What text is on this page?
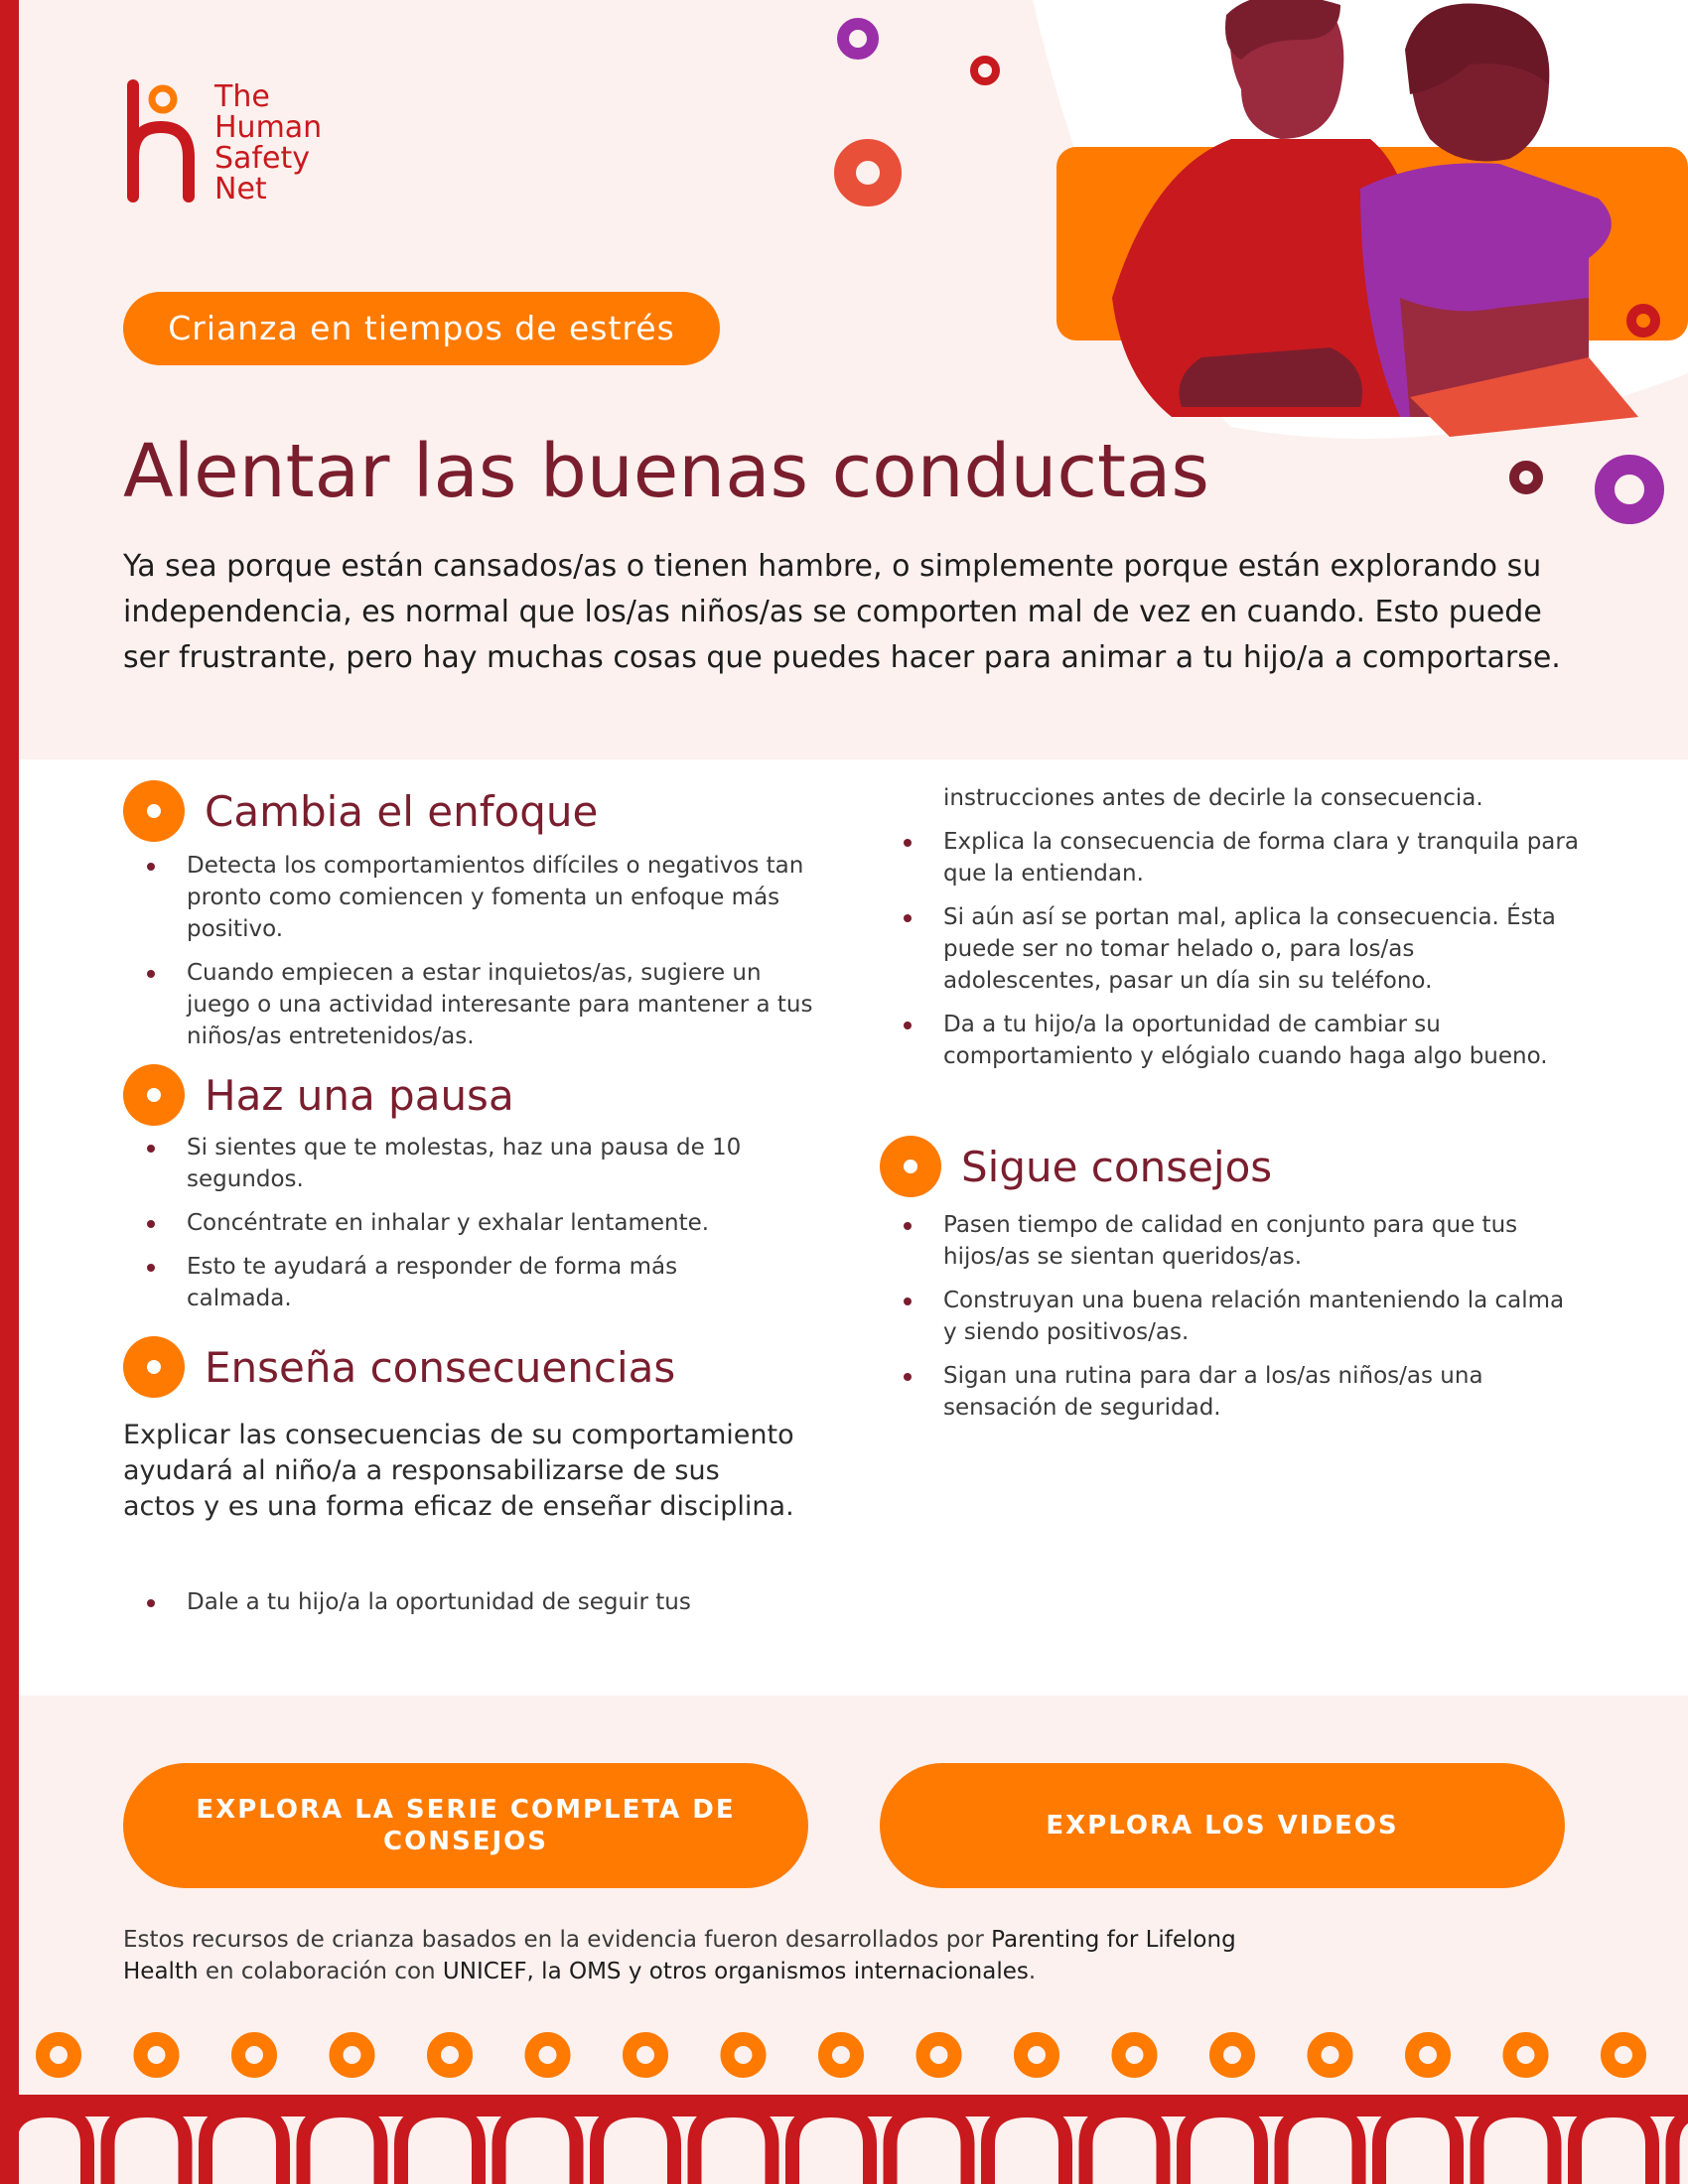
The
Human
Safety
Net
Crianza en tiempos de estrés
Alentar las buenas conductas

Ya sea porque están cansados/as o tienen hambre, o simplemente porque están explorando su independencia, es normal que los/as niños/as se comporten mal de vez en cuando. Esto puede ser frustrante, pero hay muchas cosas que puedes hacer para animar a tu hijo/a a comportarse.

Cambia el enfoque
Detecta los comportamientos difíciles o negativos tan pronto como comiencen y fomenta un enfoque más positivo.
Cuando empiecen a estar inquietos/as, sugiere un juego o una actividad interesante para mantener a tus niños/as entretenidos/as.
Haz una pausa
Si sientes que te molestas, haz una pausa de 10 segundos.
Concéntrate en inhalar y exhalar lentamente.
Esto te ayudará a responder de forma más calmada.
Enseña consecuencias

Explicar las consecuencias de su comportamiento ayudará al niño/a a responsabilizarse de sus actos y es una forma eficaz de enseñar disciplina.

Dale a tu hijo/a la oportunidad de seguir tus
instrucciones antes de decirle la consecuencia.
Explica la consecuencia de forma clara y tranquila para que la entiendan.
Si aún así se portan mal, aplica la consecuencia. Ésta puede ser no tomar helado o, para los/as adolescentes, pasar un día sin su teléfono.
Da a tu hijo/a la oportunidad de cambiar su comportamiento y elógialo cuando haga algo bueno.
Sigue consejos
Pasen tiempo de calidad en conjunto para que tus hijos/as se sientan queridos/as.
Construyan una buena relación manteniendo la calma y siendo positivos/as.
Sigan una rutina para dar a los/as niños/as una sensación de seguridad.
EXPLORA LA SERIE COMPLETA DE CONSEJOS
EXPLORA LOS VIDEOS

Estos recursos de crianza basados en la evidencia fueron desarrollados por Parenting for Lifelong Health en colaboración con UNICEF, la OMS y otros organismos internacionales.
